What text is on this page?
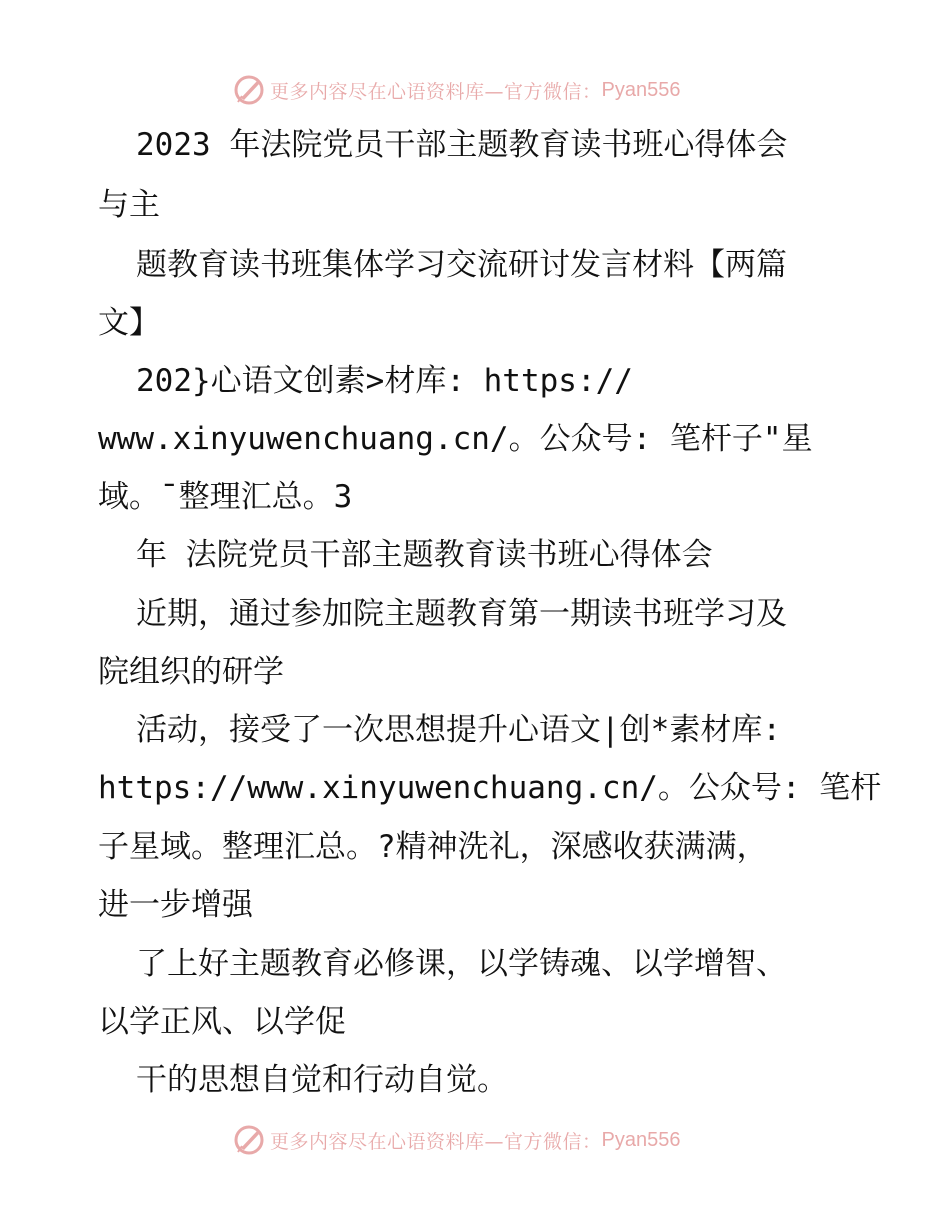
更多内容尽在心语资料库—官方微信： Pyan556
2023 年法院党员干部主题教育读书班心得体会
与主
题教育读书班集体学习交流研讨发言材料【两篇
文】
202}心语文创素>材库: https://
www.xinyuwenchuang.cn/。公众号: 笔杆子"星
域。¯整理汇总。3
年 法院党员干部主题教育读书班心得体会
近期，通过参加院主题教育第一期读书班学习及
院组织的研学
活动，接受了一次思想提升心语文|创*素材库:
https://www.xinyuwenchuang.cn/。公众号: 笔杆
子星域。整理汇总。?精神洗礼，深感收获满满，
进一步增强
了上好主题教育必修课，以学铸魂、以学增智、
以学正风、以学促
干的思想自觉和行动自觉。
更多内容尽在心语资料库—官方微信： Pyan556
